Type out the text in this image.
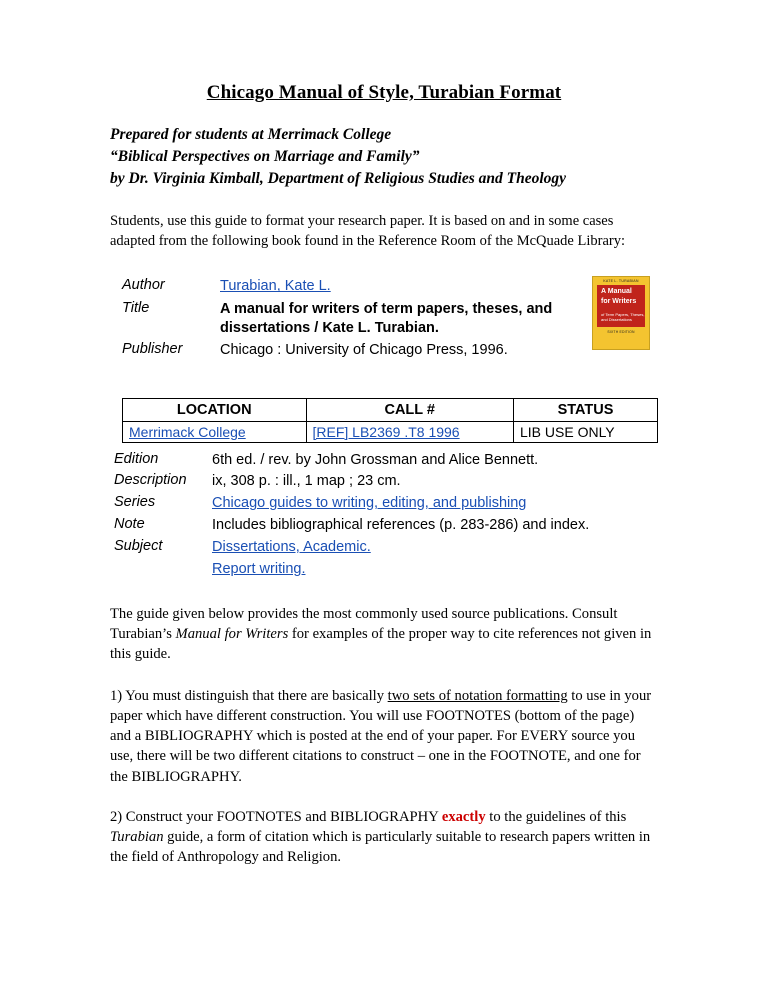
Chicago Manual of Style, Turabian Format
Prepared for students at Merrimack College
“Biblical Perspectives on Marriage and Family”
by Dr. Virginia Kimball, Department of Religious Studies and Theology
Students, use this guide to format your research paper. It is based on and in some cases adapted from the following book found in the Reference Room of the McQuade Library:
Author	Turabian, Kate L.
Title	A manual for writers of term papers, theses, and dissertations / Kate L. Turabian.
Publisher	Chicago : University of Chicago Press, 1996.
LOCATION	CALL #	STATUS
Merrimack College	[REF] LB2369 .T8 1996	LIB USE ONLY
Edition	6th ed. / rev. by John Grossman and Alice Bennett.
Description	ix, 308 p. : ill., 1 map ; 23 cm.
Series	Chicago guides to writing, editing, and publishing
Note	Includes bibliographical references (p. 283-286) and index.
Subject	Dissertations, Academic.
	Report writing.

The guide given below provides the most commonly used source publications. Consult Turabian’s Manual for Writers for examples of the proper way to cite references not given in this guide.

1) You must distinguish that there are basically two sets of notation formatting to use in your paper which have different construction. You will use FOOTNOTES (bottom of the page) and a BIBLIOGRAPHY which is posted at the end of your paper. For EVERY source you use, there will be two different citations to construct – one in the FOOTNOTE, and one for the BIBLIOGRAPHY.

2) Construct your FOOTNOTES and BIBLIOGRAPHY exactly to the guidelines of this Turabian guide, a form of citation which is particularly suitable to research papers written in the field of Anthropology and Religion.

KATE L. TURABIAN
A Manual
for Writers
of Term Papers, Theses, and Dissertations
SIXTH EDITION
